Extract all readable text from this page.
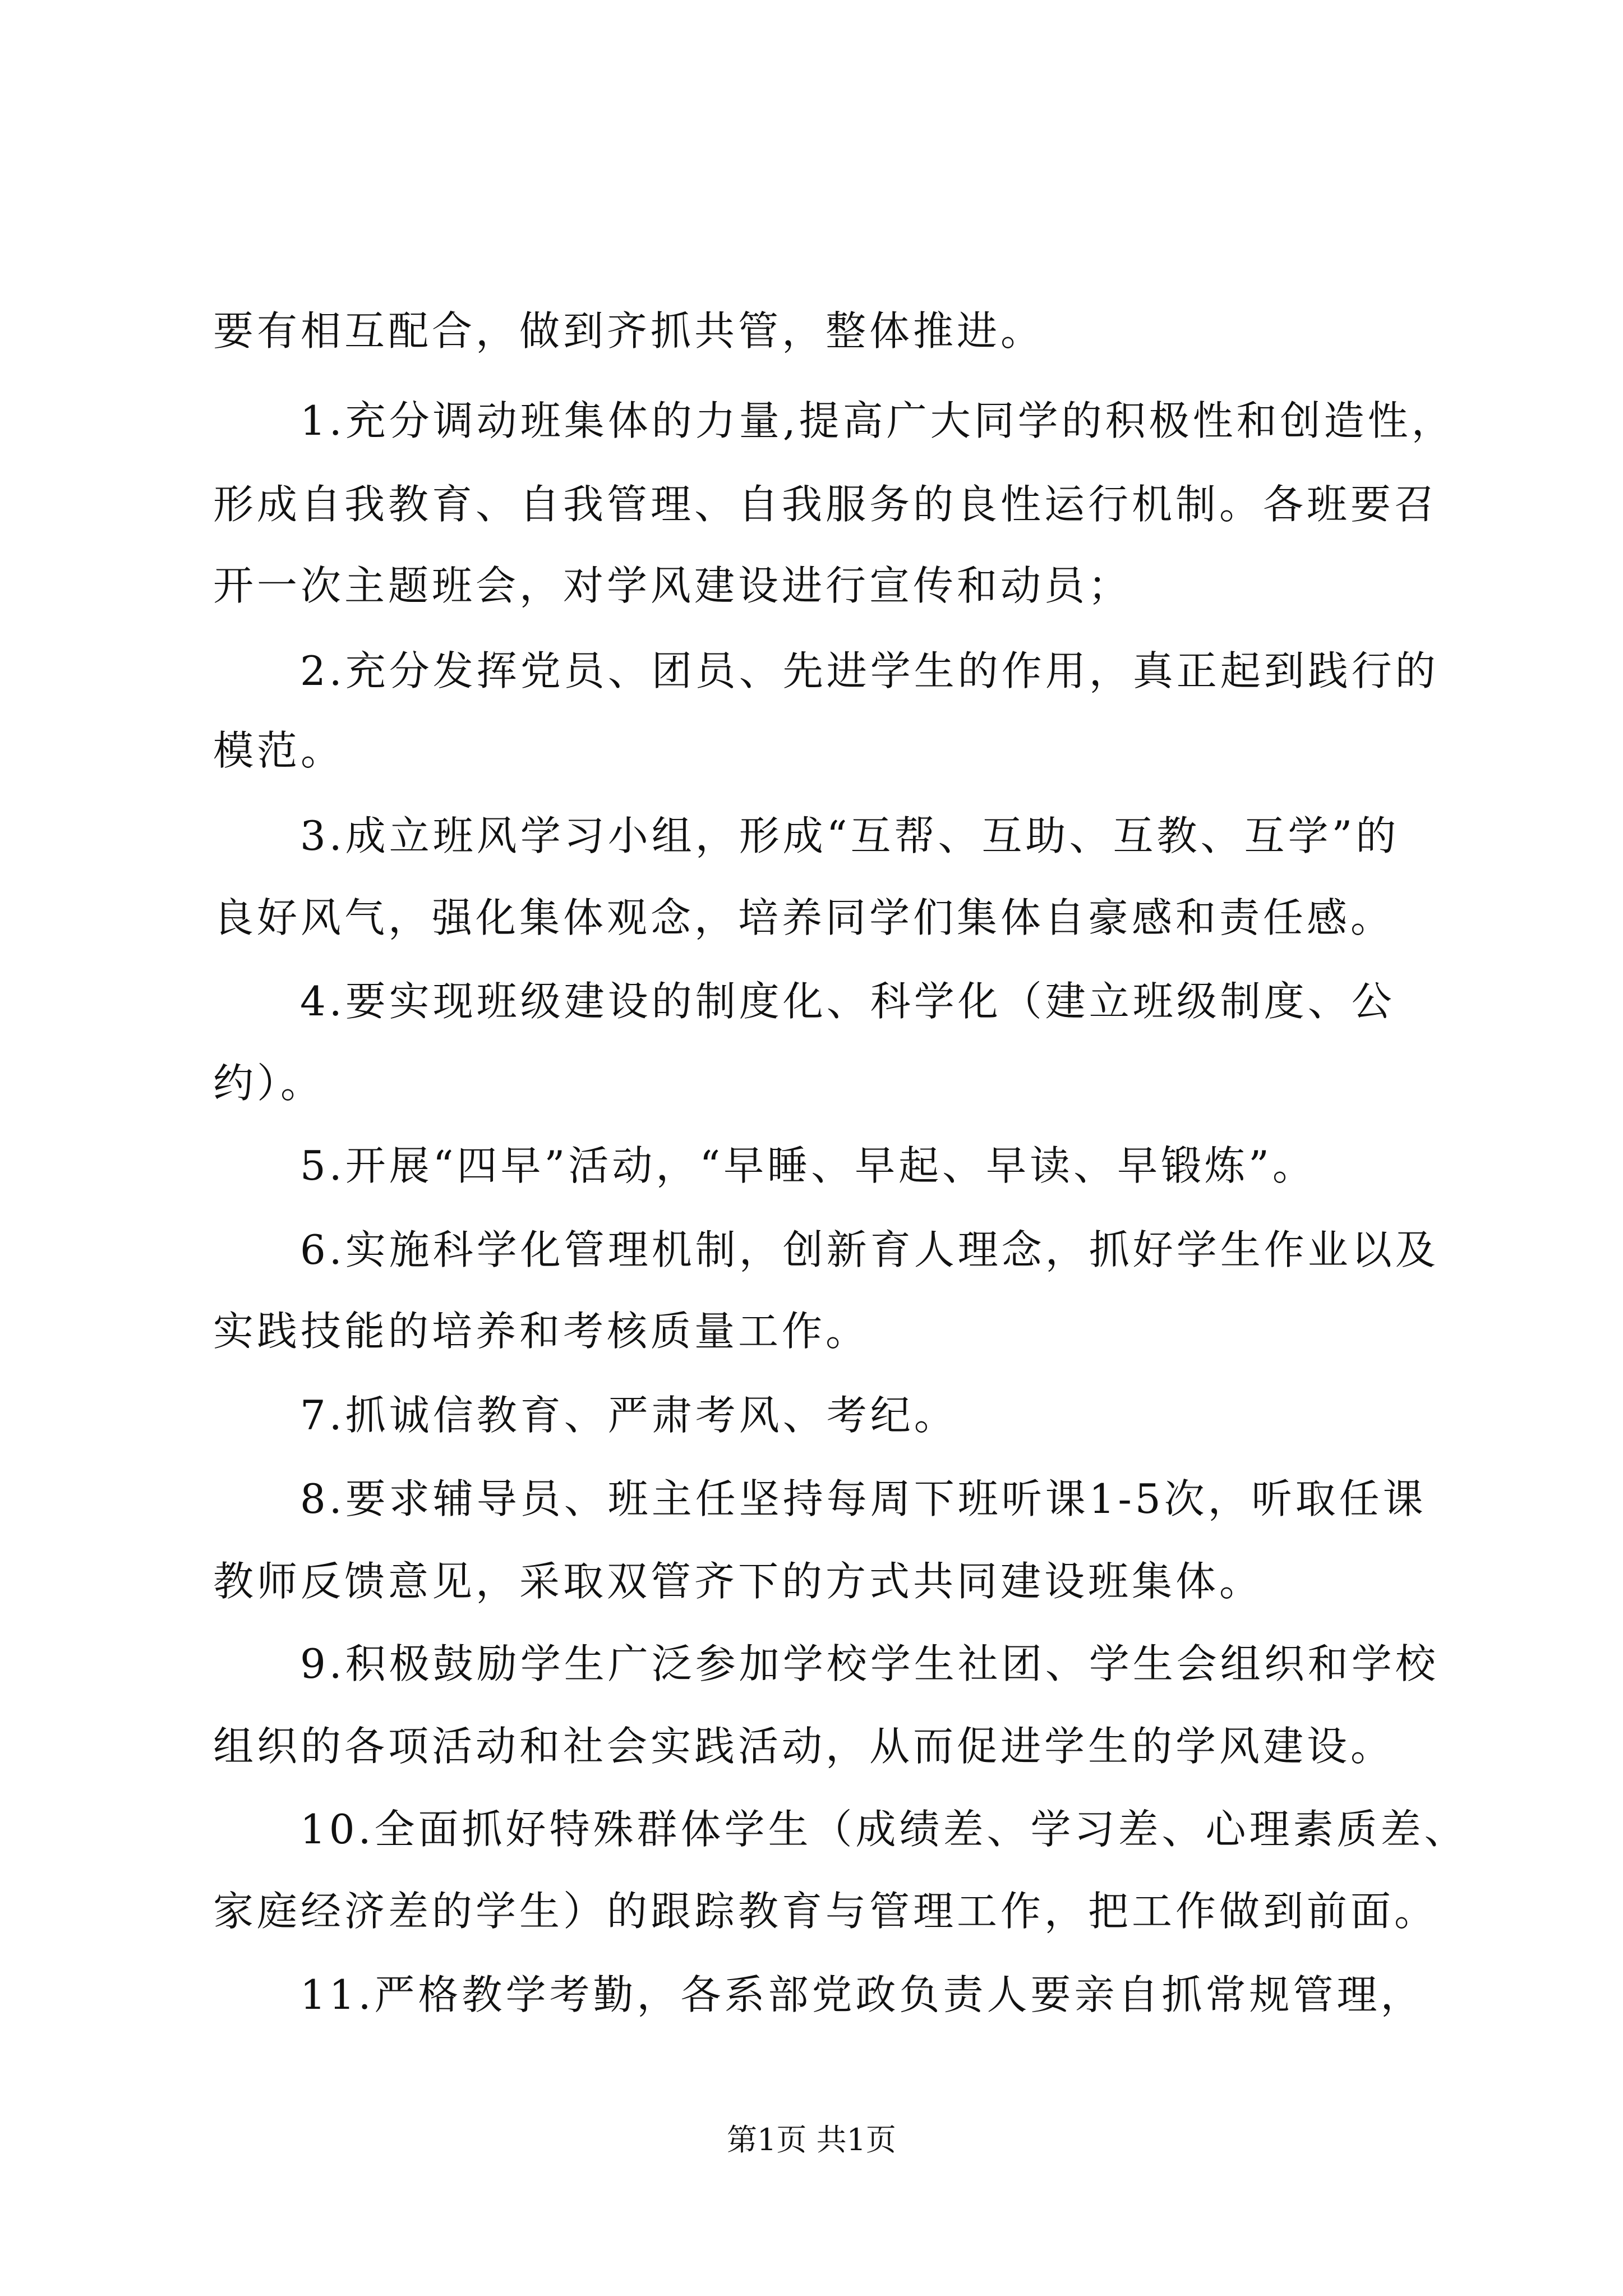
要有相互配合，做到齐抓共管，整体推进。
1.充分调动班集体的力量,提高广大同学的积极性和创造性，
形成自我教育、自我管理、自我服务的良性运行机制。各班要召
开一次主题班会，对学风建设进行宣传和动员；
2.充分发挥党员、团员、先进学生的作用，真正起到践行的
模范。
3.成立班风学习小组，形成“互帮、互助、互教、互学”的
良好风气，强化集体观念，培养同学们集体自豪感和责任感。
4.要实现班级建设的制度化、科学化（建立班级制度、公
约）。
5.开展“四早”活动，“早睡、早起、早读、早锻炼”。
6.实施科学化管理机制，创新育人理念，抓好学生作业以及
实践技能的培养和考核质量工作。
7.抓诚信教育、严肃考风、考纪。
8.要求辅导员、班主任坚持每周下班听课1-5次，听取任课
教师反馈意见，采取双管齐下的方式共同建设班集体。
9.积极鼓励学生广泛参加学校学生社团、学生会组织和学校
组织的各项活动和社会实践活动，从而促进学生的学风建设。
10.全面抓好特殊群体学生（成绩差、学习差、心理素质差、
家庭经济差的学生）的跟踪教育与管理工作，把工作做到前面。
11.严格教学考勤，各系部党政负责人要亲自抓常规管理，
第1页 共1页
